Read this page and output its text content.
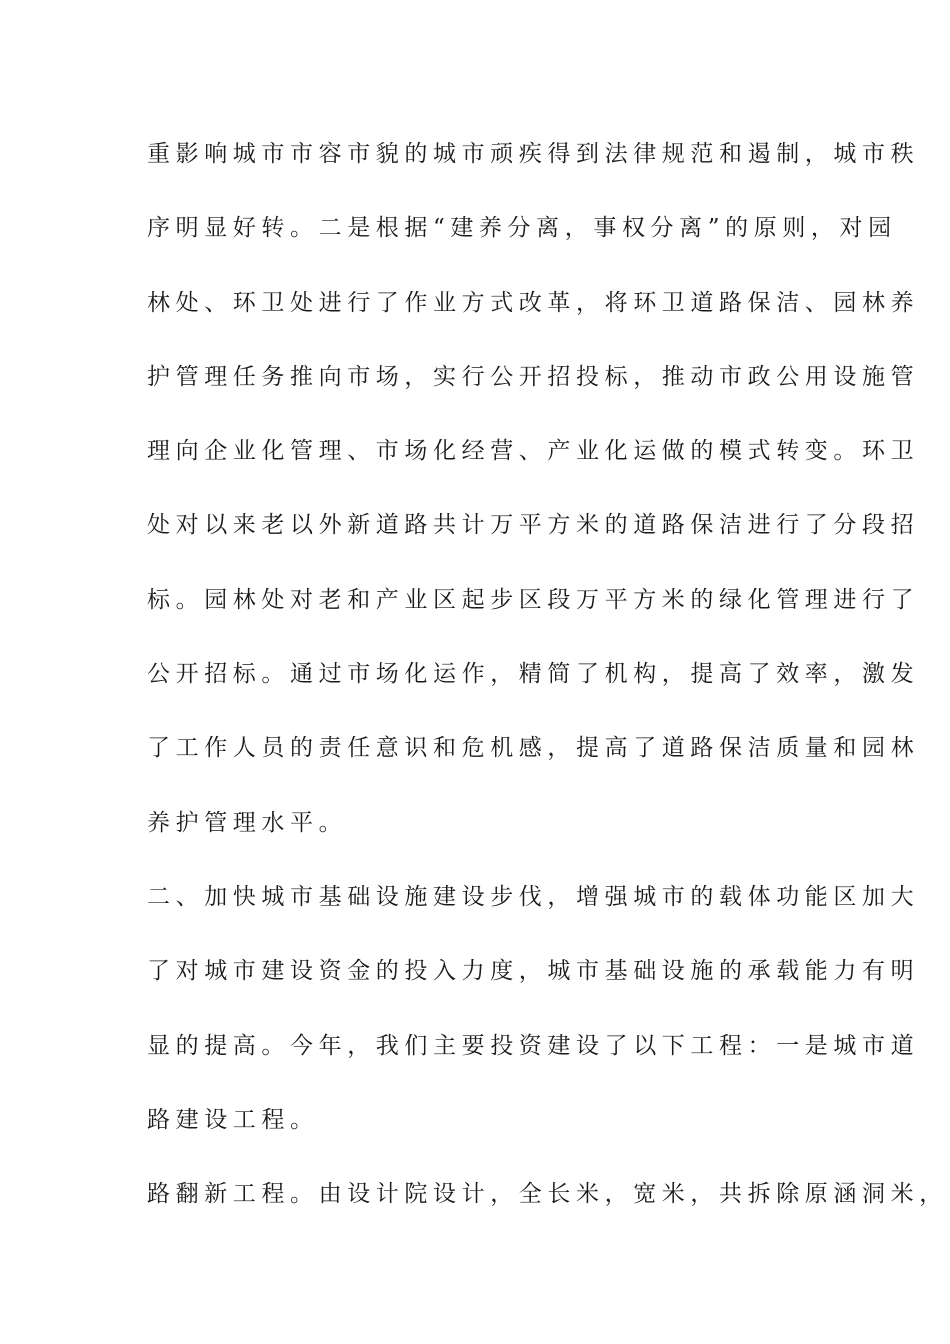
重影响城市市容市貌的城市顽疾得到法律规范和遏制，城市秩
序明显好转。二是根据“建养分离，事权分离”的原则，对园
林处、环卫处进行了作业方式改革，将环卫道路保洁、园林养
护管理任务推向市场，实行公开招投标，推动市政公用设施管
理向企业化管理、市场化经营、产业化运做的模式转变。环卫
处对以来老以外新道路共计万平方米的道路保洁进行了分段招
标。园林处对老和产业区起步区段万平方米的绿化管理进行了
公开招标。通过市场化运作，精简了机构，提高了效率，激发
了工作人员的责任意识和危机感，提高了道路保洁质量和园林
养护管理水平。
二、加快城市基础设施建设步伐，增强城市的载体功能区加大
了对城市建设资金的投入力度，城市基础设施的承载能力有明
显的提高。今年，我们主要投资建设了以下工程：一是城市道
路建设工程。
路翻新工程。由设计院设计，全长米，宽米，共拆除原涵洞米，
